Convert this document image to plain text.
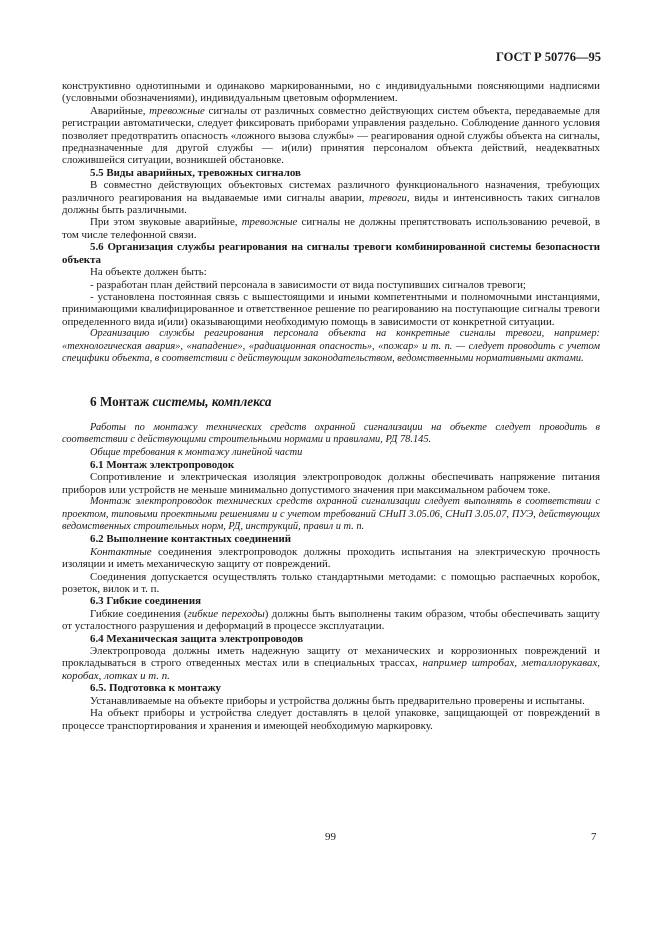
ГОСТ Р 50776—95

конструктивно однотипными и одинаково маркированными, но с индивидуальными поясняющими надписями (условными обозначениями), индивидуальным цветовым оформлением.

Аварийные, тревожные сигналы от различных совместно действующих систем объекта, передаваемые для регистрации автоматически, следует фиксировать приборами управления раздельно. Соблюдение данного условия позволяет предотвратить опасность «ложного вызова службы» — реагирования одной службы объекта на сигналы, предназначенные для другой службы — и(или) принятия персоналом объекта действий, неадекватных сложившейся ситуации, возникшей обстановке.

5.5 Виды аварийных, тревожных сигналов

В совместно действующих объектовых системах различного функционального назначения, требующих различного реагирования на выдаваемые ими сигналы аварии, тревоги, виды и интенсивность таких сигналов должны быть различными.

При этом звуковые аварийные, тревожные сигналы не должны препятствовать использованию речевой, в том числе телефонной связи.

5.6 Организация службы реагирования на сигналы тревоги комбинированной системы безопасности объекта

На объекте должен быть:

- разработан план действий персонала в зависимости от вида поступивших сигналов тревоги;

- установлена постоянная связь с вышестоящими и иными компетентными и полномочными инстанциями, принимающими квалифицированное и ответственное решение по реагированию на поступающие сигналы тревоги определенного вида и(или) оказывающими необходимую помощь в зависимости от конкретной ситуации.

Организацию службы реагирования персонала объекта на конкретные сигналы тревоги, например: «технологическая авария», «нападение», «радиационная опасность», «пожар» и т. п. — следует проводить с учетом специфики объекта, в соответствии с действующим законодательством, ведомственными нормативными актами.

6 Монтаж системы, комплекса

Работы по монтажу технических средств охранной сигнализации на объекте следует проводить в соответствии с действующими строительными нормами и правилами, РД 78.145.

Общие требования к монтажу линейной части

6.1 Монтаж электропроводок

Сопротивление и электрическая изоляция электропроводок должны обеспечивать напряжение питания приборов или устройств не меньше минимально допустимого значения при максимальном рабочем токе.

Монтаж электропроводок технических средств охранной сигнализации следует выполнять в соответствии с проектом, типовыми проектными решениями и с учетом требований СНиП 3.05.06, СНиП 3.05.07, ПУЭ, действующих ведомственных строительных норм, РД, инструкций, правил и т. п.

6.2 Выполнение контактных соединений

Контактные соединения электропроводок должны проходить испытания на электрическую прочность изоляции и иметь механическую защиту от повреждений.

Соединения допускается осуществлять только стандартными методами: с помощью распаечных коробок, розеток, вилок и т. п.

6.3 Гибкие соединения

Гибкие соединения (гибкие переходы) должны быть выполнены таким образом, чтобы обеспечивать защиту от усталостного разрушения и деформаций в процессе эксплуатации.

6.4 Механическая защита электропроводов

Электропровода должны иметь надежную защиту от механических и коррозионных повреждений и прокладываться в строго отведенных местах или в специальных трассах, например штробах, металлорукавах, коробах, лотках и т. п.

6.5. Подготовка к монтажу

Устанавливаемые на объекте приборы и устройства должны быть предварительно проверены и испытаны.

На объект приборы и устройства следует доставлять в целой упаковке, защищающей от повреждений в процессе транспортирования и хранения и имеющей необходимую маркировку.

99	7
